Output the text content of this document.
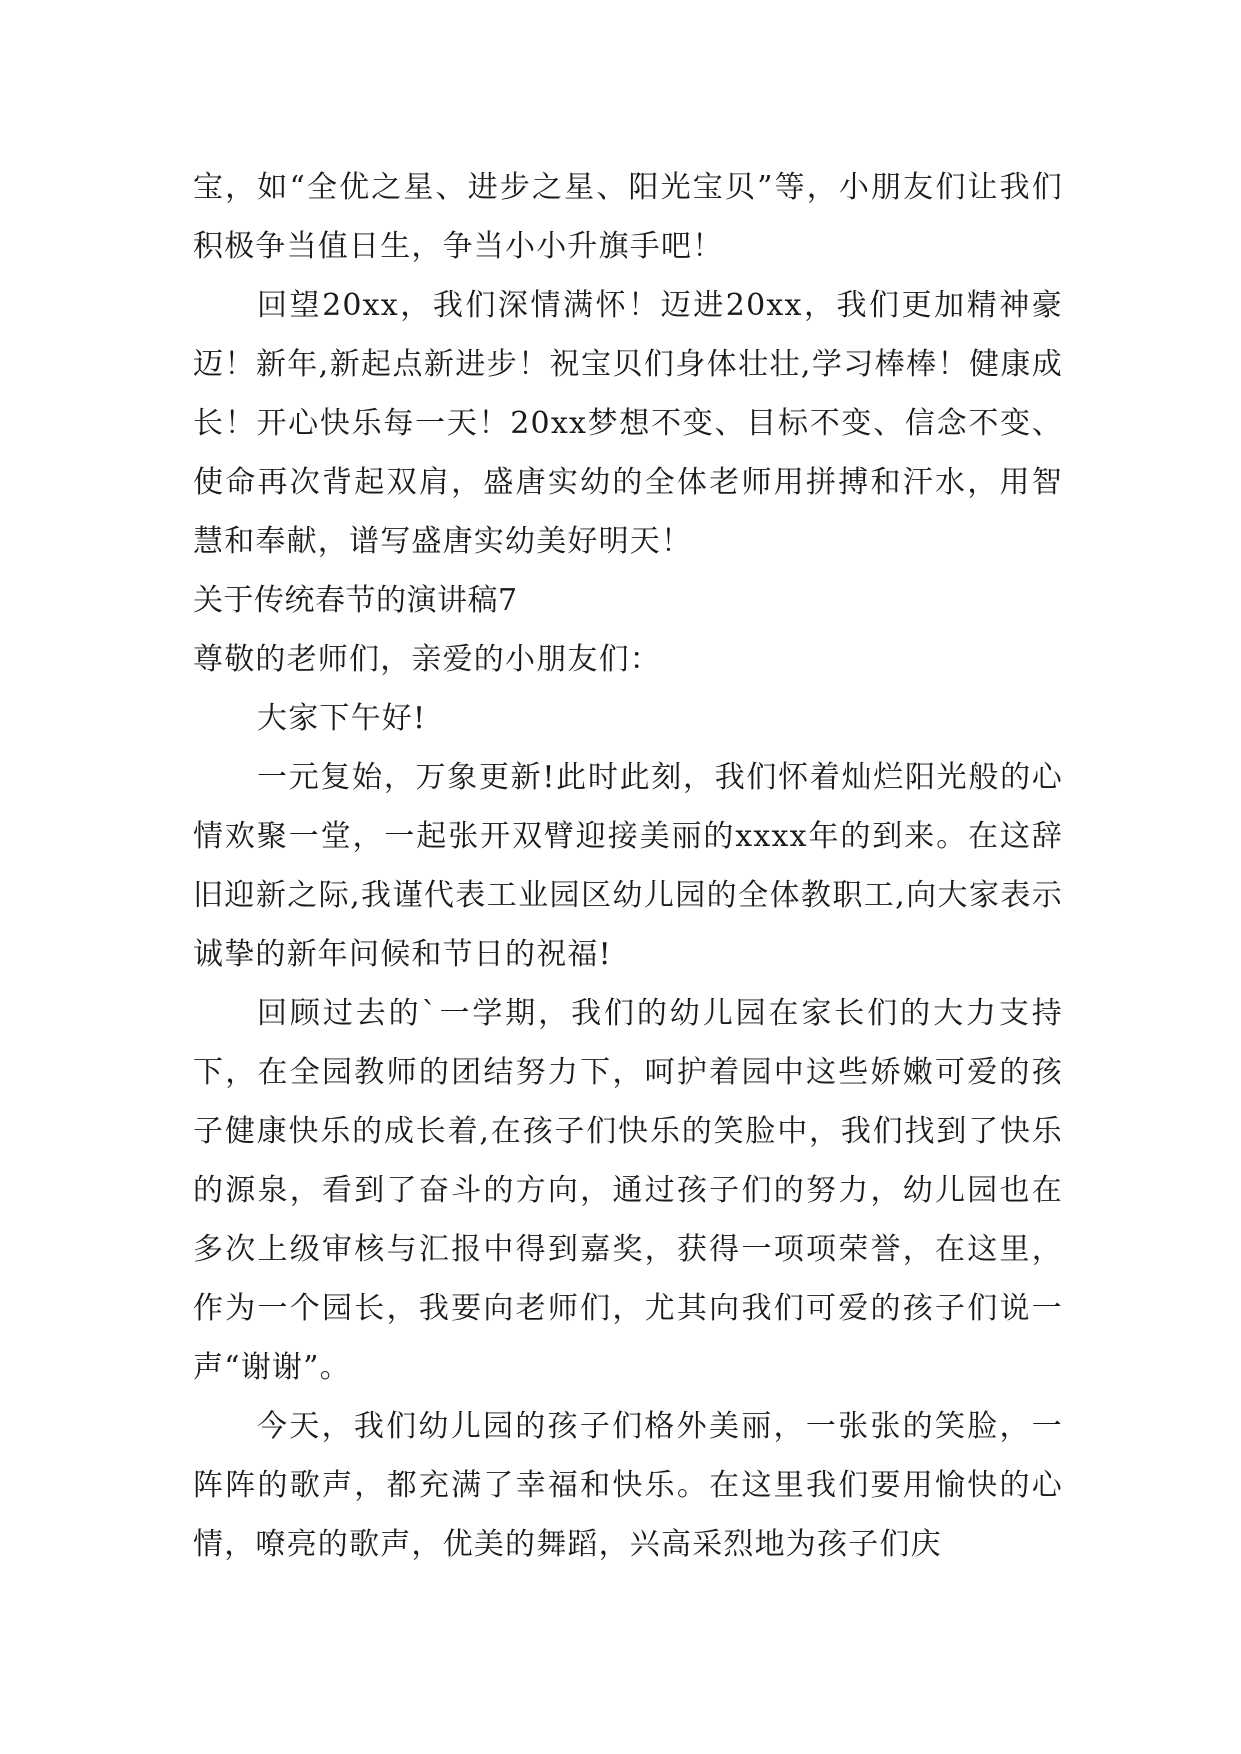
宝，如“全优之星、进步之星、阳光宝贝”等，小朋友们让我们积极争当值日生，争当小小升旗手吧！

回望20xx，我们深情满怀！迈进20xx，我们更加精神豪迈！新年,新起点新进步！祝宝贝们身体壮壮,学习棒棒！健康成长！开心快乐每一天！20xx梦想不变、目标不变、信念不变、使命再次背起双肩，盛唐实幼的全体老师用拼搏和汗水，用智慧和奉献，谱写盛唐实幼美好明天！

关于传统春节的演讲稿7

尊敬的老师们，亲爱的小朋友们：

大家下午好!

一元复始，万象更新!此时此刻，我们怀着灿烂阳光般的心情欢聚一堂，一起张开双臂迎接美丽的xxxx年的到来。在这辞旧迎新之际,我谨代表工业园区幼儿园的全体教职工,向大家表示诚挚的新年问候和节日的祝福!

回顾过去的`一学期，我们的幼儿园在家长们的大力支持下，在全园教师的团结努力下，呵护着园中这些娇嫩可爱的孩子健康快乐的成长着,在孩子们快乐的笑脸中，我们找到了快乐的源泉，看到了奋斗的方向，通过孩子们的努力，幼儿园也在多次上级审核与汇报中得到嘉奖，获得一项项荣誉，在这里，作为一个园长，我要向老师们，尤其向我们可爱的孩子们说一声“谢谢”。

今天，我们幼儿园的孩子们格外美丽，一张张的笑脸，一阵阵的歌声，都充满了幸福和快乐。在这里我们要用愉快的心情，嘹亮的歌声，优美的舞蹈，兴高采烈地为孩子们庆
